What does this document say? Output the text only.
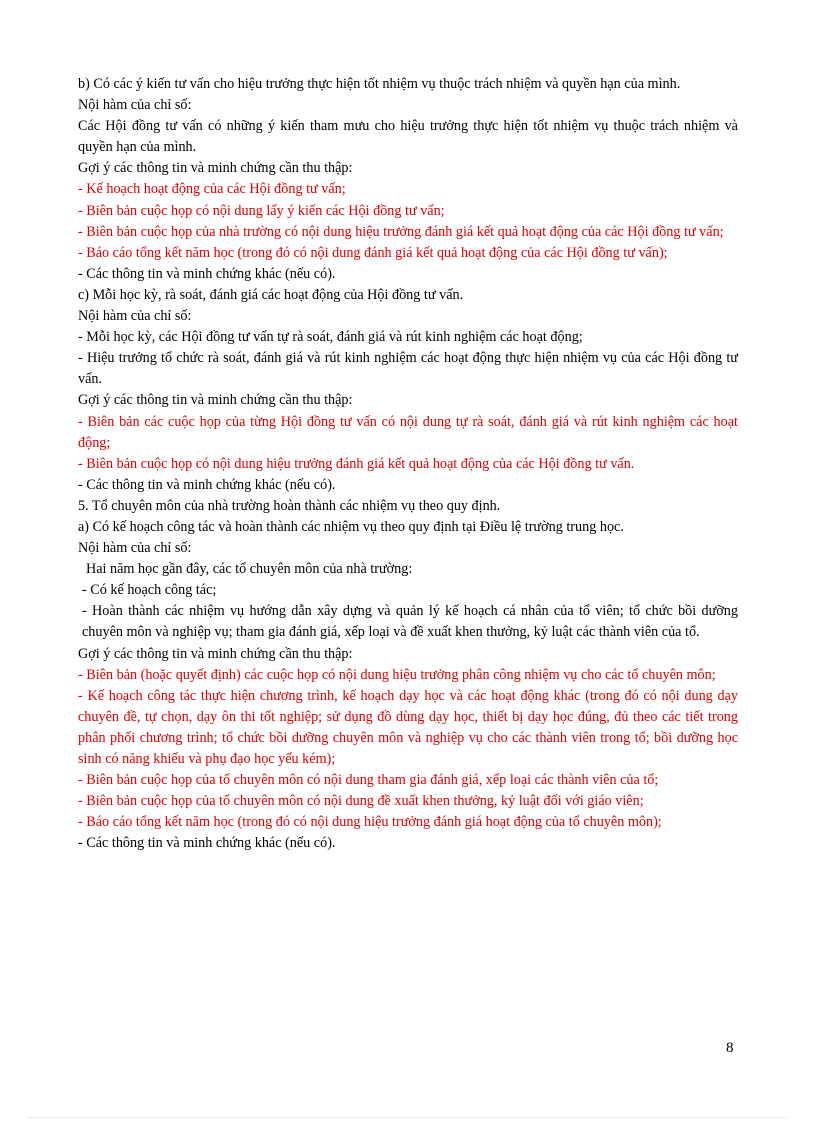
b) Có các ý kiến tư vấn cho hiệu trưởng thực hiện tốt nhiệm vụ thuộc trách nhiệm và quyền hạn của mình.

Nội hàm của chỉ số:

Các Hội đồng tư vấn có những ý kiến tham mưu cho hiệu trưởng thực hiện tốt nhiệm vụ thuộc trách nhiệm và quyền hạn của mình.

Gợi ý các thông tin và minh chứng cần thu thập:

- Kế hoạch hoạt động của các Hội đồng tư vấn;

- Biên bản cuộc họp có nội dung lấy ý kiến các Hội đồng tư vấn;

- Biên bản cuộc họp của nhà trường có nội dung hiệu trưởng đánh giá kết quả hoạt động của các Hội đồng tư vấn;

- Báo cáo tổng kết năm học (trong đó có nội dung đánh giá kết quả hoạt động của các Hội đồng tư vấn);

- Các thông tin và minh chứng khác (nếu có).

c) Mỗi học kỳ, rà soát, đánh giá các hoạt động của Hội đồng tư vấn.

Nội hàm của chỉ số:

- Mỗi học kỳ, các Hội đồng tư vấn tự rà soát, đánh giá và rút kinh nghiệm các hoạt động;

- Hiệu trưởng tổ chức rà soát, đánh giá và rút kinh nghiệm các hoạt động thực hiện nhiệm vụ của các Hội đồng tư vấn.

Gợi ý các thông tin và minh chứng cần thu thập:

- Biên bản các cuộc họp của từng Hội đồng tư vấn có nội dung tự rà soát, đánh giá và rút kinh nghiệm các hoạt động;

- Biên bản cuộc họp có nội dung hiệu trưởng đánh giá kết quả hoạt động của các Hội đồng tư vấn.

- Các thông tin và minh chứng khác (nếu có).

5. Tổ chuyên môn của nhà trường hoàn thành các nhiệm vụ theo quy định.

a) Có kế hoạch công tác và hoàn thành các nhiệm vụ theo quy định tại Điều lệ trường trung học.

Nội hàm của chỉ số:

Hai năm học gần đây, các tổ chuyên môn của nhà trường:

- Có kế hoạch công tác;

- Hoàn thành các nhiệm vụ hướng dẫn xây dựng và quản lý kế hoạch cá nhân của tổ viên; tổ chức bồi dưỡng chuyên môn và nghiệp vụ; tham gia đánh giá, xếp loại và đề xuất khen thưởng, kỷ luật các thành viên của tổ.

Gợi ý các thông tin và minh chứng cần thu thập:

- Biên bản (hoặc quyết định) các cuộc họp có nội dung hiệu trưởng phân công nhiệm vụ cho các tổ chuyên môn;

- Kế hoạch công tác thực hiện chương trình, kế hoạch dạy học và các hoạt động khác (trong đó có nội dung dạy chuyên đề, tự chọn, dạy ôn thi tốt nghiệp; sử dụng đồ dùng dạy học, thiết bị dạy học đúng, đủ theo các tiết trong phân phối chương trình; tổ chức bồi dưỡng chuyên môn và nghiệp vụ cho các thành viên trong tổ; bồi dưỡng học sinh có năng khiếu và phụ đạo học yếu kém);

- Biên bản cuộc họp của tổ chuyên môn có nội dung tham gia đánh giá, xếp loại các thành viên của tổ;

- Biên bản cuộc họp của tổ chuyên môn có nội dung đề xuất khen thưởng, kỷ luật đối với giáo viên;

- Báo cáo tổng kết năm học (trong đó có nội dung hiệu trưởng đánh giá hoạt động của tổ chuyên môn);

- Các thông tin và minh chứng khác (nếu có).

8
